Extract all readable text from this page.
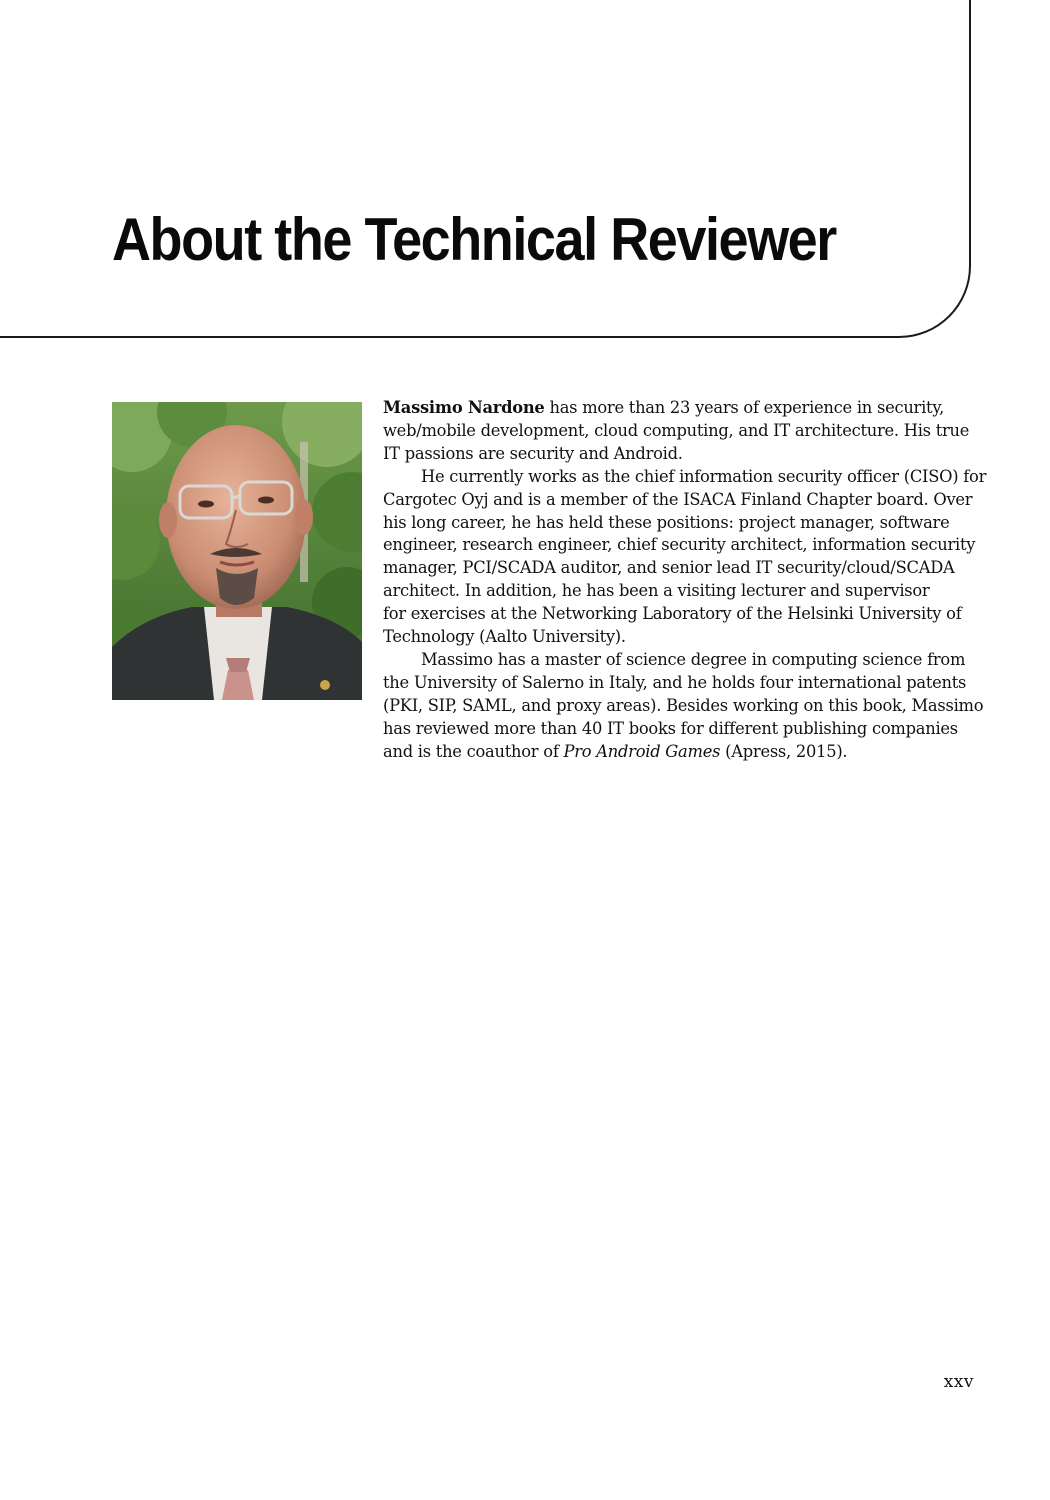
About the Technical Reviewer

Massimo Nardone has more than 23 years of experience in security,
web/mobile development, cloud computing, and IT architecture. His true
IT passions are security and Android.

He currently works as the chief information security officer (CISO) for
Cargotec Oyj and is a member of the ISACA Finland Chapter board. Over
his long career, he has held these positions: project manager, software
engineer, research engineer, chief security architect, information security
manager, PCI/SCADA auditor, and senior lead IT security/cloud/SCADA
architect. In addition, he has been a visiting lecturer and supervisor
for exercises at the Networking Laboratory of the Helsinki University of
Technology (Aalto University).

Massimo has a master of science degree in computing science from
the University of Salerno in Italy, and he holds four international patents
(PKI, SIP, SAML, and proxy areas). Besides working on this book, Massimo
has reviewed more than 40 IT books for different publishing companies
and is the coauthor of Pro Android Games (Apress, 2015).

xxv
